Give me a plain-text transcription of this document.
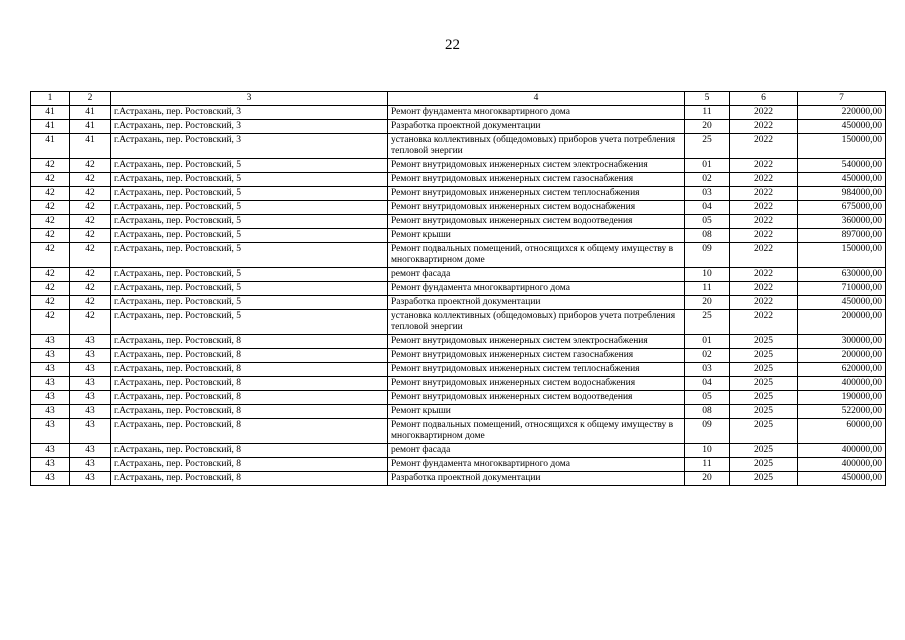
22
1	2	3	4	5	6	7
41	41	г.Астрахань, пер. Ростовский, 3	Ремонт фундамента многоквартирного дома	11	2022	220000,00
41	41	г.Астрахань, пер. Ростовский, 3	Разработка проектной документации	20	2022	450000,00
41	41	г.Астрахань, пер. Ростовский, 3	установка коллективных (общедомовых) приборов учета потребления тепловой энергии	25	2022	150000,00
42	42	г.Астрахань, пер. Ростовский, 5	Ремонт внутридомовых инженерных систем электроснабжения	01	2022	540000,00
42	42	г.Астрахань, пер. Ростовский, 5	Ремонт внутридомовых инженерных систем газоснабжения	02	2022	450000,00
42	42	г.Астрахань, пер. Ростовский, 5	Ремонт внутридомовых инженерных систем теплоснабжения	03	2022	984000,00
42	42	г.Астрахань, пер. Ростовский, 5	Ремонт внутридомовых инженерных систем водоснабжения	04	2022	675000,00
42	42	г.Астрахань, пер. Ростовский, 5	Ремонт внутридомовых инженерных систем водоотведения	05	2022	360000,00
42	42	г.Астрахань, пер. Ростовский, 5	Ремонт крыши	08	2022	897000,00
42	42	г.Астрахань, пер. Ростовский, 5	Ремонт подвальных помещений, относящихся к общему имуществу в многоквартирном доме	09	2022	150000,00
42	42	г.Астрахань, пер. Ростовский, 5	ремонт фасада	10	2022	630000,00
42	42	г.Астрахань, пер. Ростовский, 5	Ремонт фундамента многоквартирного дома	11	2022	710000,00
42	42	г.Астрахань, пер. Ростовский, 5	Разработка проектной документации	20	2022	450000,00
42	42	г.Астрахань, пер. Ростовский, 5	установка коллективных (общедомовых) приборов учета потребления тепловой энергии	25	2022	200000,00
43	43	г.Астрахань, пер. Ростовский, 8	Ремонт внутридомовых инженерных систем электроснабжения	01	2025	300000,00
43	43	г.Астрахань, пер. Ростовский, 8	Ремонт внутридомовых инженерных систем газоснабжения	02	2025	200000,00
43	43	г.Астрахань, пер. Ростовский, 8	Ремонт внутридомовых инженерных систем теплоснабжения	03	2025	620000,00
43	43	г.Астрахань, пер. Ростовский, 8	Ремонт внутридомовых инженерных систем водоснабжения	04	2025	400000,00
43	43	г.Астрахань, пер. Ростовский, 8	Ремонт внутридомовых инженерных систем водоотведения	05	2025	190000,00
43	43	г.Астрахань, пер. Ростовский, 8	Ремонт крыши	08	2025	522000,00
43	43	г.Астрахань, пер. Ростовский, 8	Ремонт подвальных помещений, относящихся к общему имуществу в многоквартирном доме	09	2025	60000,00
43	43	г.Астрахань, пер. Ростовский, 8	ремонт фасада	10	2025	400000,00
43	43	г.Астрахань, пер. Ростовский, 8	Ремонт фундамента многоквартирного дома	11	2025	400000,00
43	43	г.Астрахань, пер. Ростовский, 8	Разработка проектной документации	20	2025	450000,00
